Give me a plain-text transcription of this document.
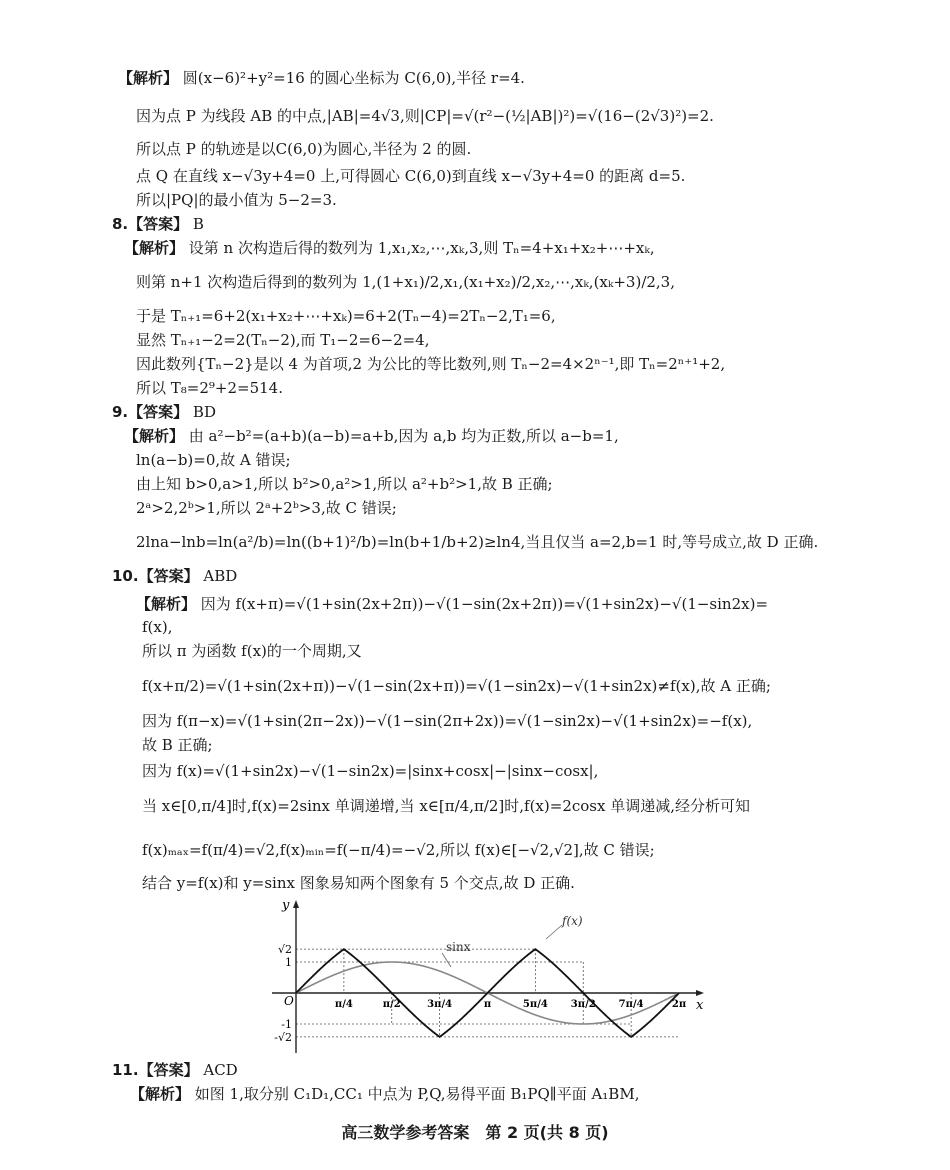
【解析】 圆(x−6)²+y²=16 的圆心坐标为 C(6,0),半径 r=4.
因为点 P 为线段 AB 的中点,|AB|=4√3,则|CP|=√(r²−(½|AB|)²)=√(16−(2√3)²)=2.
所以点 P 的轨迹是以C(6,0)为圆心,半径为 2 的圆.
点 Q 在直线 x−√3y+4=0 上,可得圆心 C(6,0)到直线 x−√3y+4=0 的距离 d=5.
所以|PQ|的最小值为 5−2=3.
8.【答案】 B
【解析】 设第 n 次构造后得的数列为 1,x₁,x₂,⋯,xₖ,3,则 Tₙ=4+x₁+x₂+⋯+xₖ,
则第 n+1 次构造后得到的数列为 1,(1+x₁)/2,x₁,(x₁+x₂)/2,x₂,⋯,xₖ,(xₖ+3)/2,3,
于是 Tₙ₊₁=6+2(x₁+x₂+⋯+xₖ)=6+2(Tₙ−4)=2Tₙ−2,T₁=6,
显然 Tₙ₊₁−2=2(Tₙ−2),而 T₁−2=6−2=4,
因此数列{Tₙ−2}是以 4 为首项,2 为公比的等比数列,则 Tₙ−2=4×2ⁿ⁻¹,即 Tₙ=2ⁿ⁺¹+2,
所以 T₈=2⁹+2=514.
9.【答案】 BD
【解析】 由 a²−b²=(a+b)(a−b)=a+b,因为 a,b 均为正数,所以 a−b=1,
ln(a−b)=0,故 A 错误;
由上知 b>0,a>1,所以 b²>0,a²>1,所以 a²+b²>1,故 B 正确;
2ᵃ>2,2ᵇ>1,所以 2ᵃ+2ᵇ>3,故 C 错误;
2lna−lnb=ln(a²/b)=ln((b+1)²/b)=ln(b+1/b+2)≥ln4,当且仅当 a=2,b=1 时,等号成立,故 D 正确.
10.【答案】 ABD
【解析】 因为 f(x+π)=√(1+sin(2x+2π))−√(1−sin(2x+2π))=√(1+sin2x)−√(1−sin2x)=
f(x),
所以 π 为函数 f(x)的一个周期,又
f(x+π/2)=√(1+sin(2x+π))−√(1−sin(2x+π))=√(1−sin2x)−√(1+sin2x)≠f(x),故 A 正确;
因为 f(π−x)=√(1+sin(2π−2x))−√(1−sin(2π+2x))=√(1−sin2x)−√(1+sin2x)=−f(x),
故 B 正确;
因为 f(x)=√(1+sin2x)−√(1−sin2x)=|sinx+cosx|−|sinx−cosx|,
当 x∈[0,π/4]时,f(x)=2sinx 单调递增,当 x∈[π/4,π/2]时,f(x)=2cosx 单调递减,经分析可知
f(x)ₘₐₓ=f(π/4)=√2,f(x)ₘᵢₙ=f(−π/4)=−√2,所以 f(x)∈[−√2,√2],故 C 错误;
结合 y=f(x)和 y=sinx 图象易知两个图象有 5 个交点,故 D 正确.
y
x
O
sinx
f(x)
√2
1
-1
-√2
π/4	π/2	3π/4	π	5π/4 3π/2 7π/4	2π
11.【答案】 ACD
【解析】 如图 1,取分别 C₁D₁,CC₁ 中点为 P,Q,易得平面 B₁PQ∥平面 A₁BM,
高三数学参考答案　第 2 页(共 8 页)
